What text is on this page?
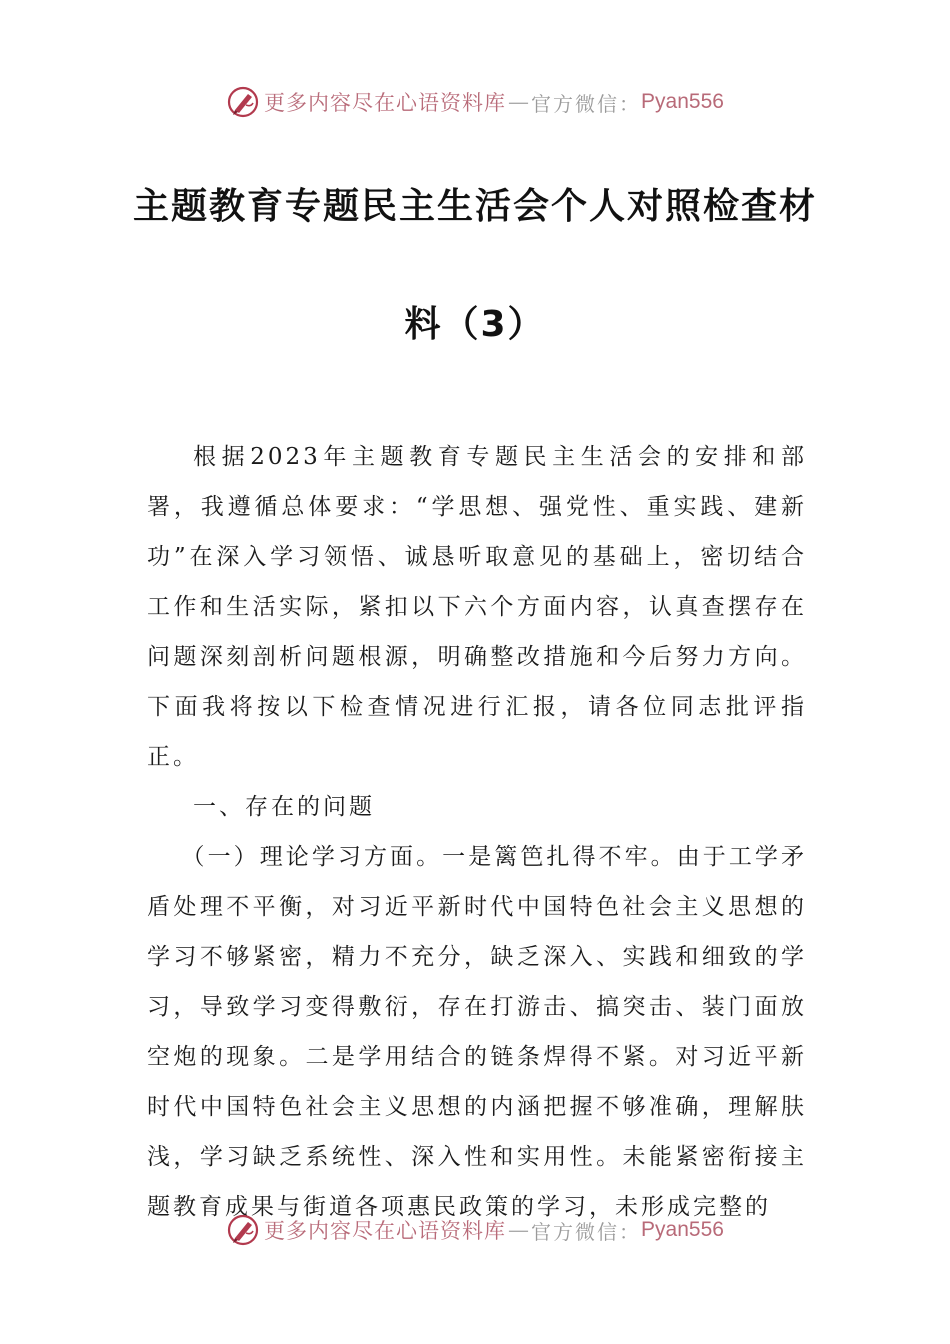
更多内容尽在心语资料库 — 官方微信： Pyan556
主题教育专题民主生活会个人对照检查材
料（3）

根据2023年主题教育专题民主生活会的安排和部署，我遵循总体要求：“学思想、强党性、重实践、建新功”在深入学习领悟、诚恳听取意见的基础上，密切结合工作和生活实际，紧扣以下六个方面内容，认真查摆存在问题深刻剖析问题根源，明确整改措施和今后努力方向。下面我将按以下检查情况进行汇报，请各位同志批评指正。

一、存在的问题

（一）理论学习方面。一是篱笆扎得不牢。由于工学矛盾处理不平衡，对习近平新时代中国特色社会主义思想的学习不够紧密，精力不充分，缺乏深入、实践和细致的学习，导致学习变得敷衍，存在打游击、搞突击、装门面放空炮的现象。二是学用结合的链条焊得不紧。对习近平新时代中国特色社会主义思想的内涵把握不够准确，理解肤浅，学习缺乏系统性、深入性和实用性。未能紧密衔接主题教育成果与街道各项惠民政策的学习，未形成完整的

更多内容尽在心语资料库 — 官方微信： Pyan556
